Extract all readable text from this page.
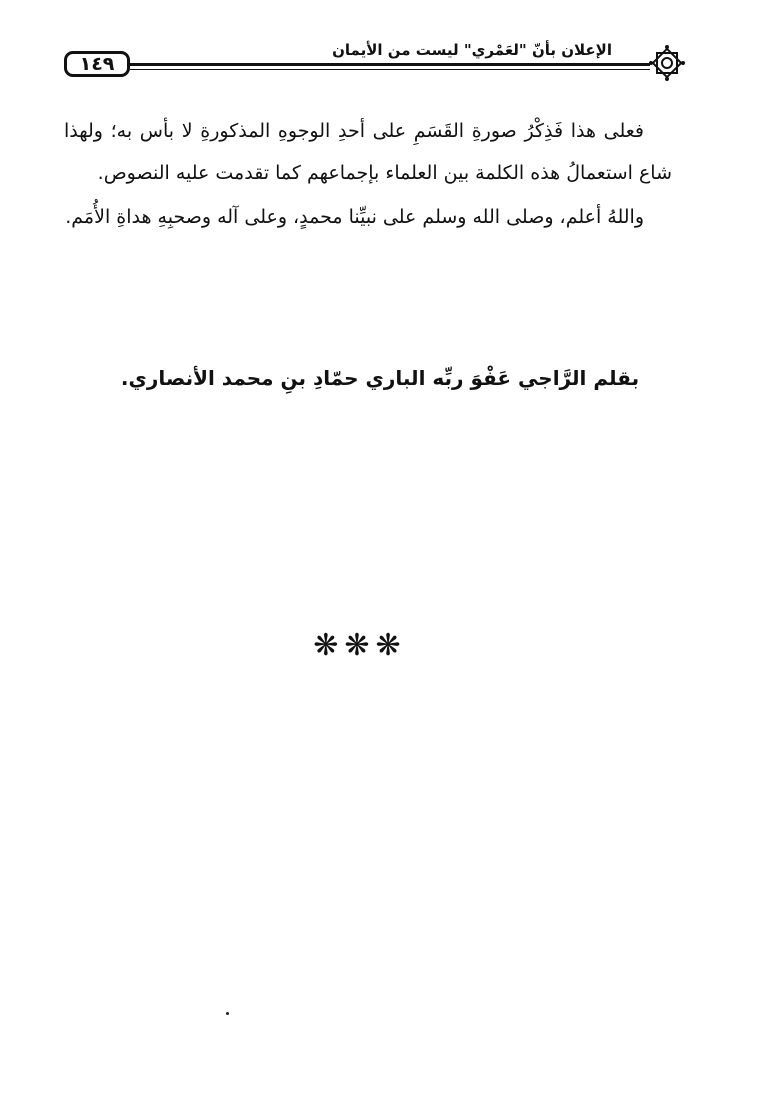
١٤٩
الإعلان بأنّ "لعَمْري" ليست من الأيمان

فعلى هذا فَذِكْرُ صورةِ القَسَمِ على أحدِ الوجوهِ المذكورةِ لا بأس به؛ ولهذا شاع استعمالُ هذه الكلمة بين العلماء بإجماعهم كما تقدمت عليه النصوص.

واللهُ أعلم، وصلى الله وسلم على نبيِّنا محمدٍ، وعلى آله وصحبِهِ هداةِ الأُمَم.

بقلم الرَّاجي عَفْوَ ربِّه الباري حمّادِ بنِ محمد الأنصاري.
❋❋❋
